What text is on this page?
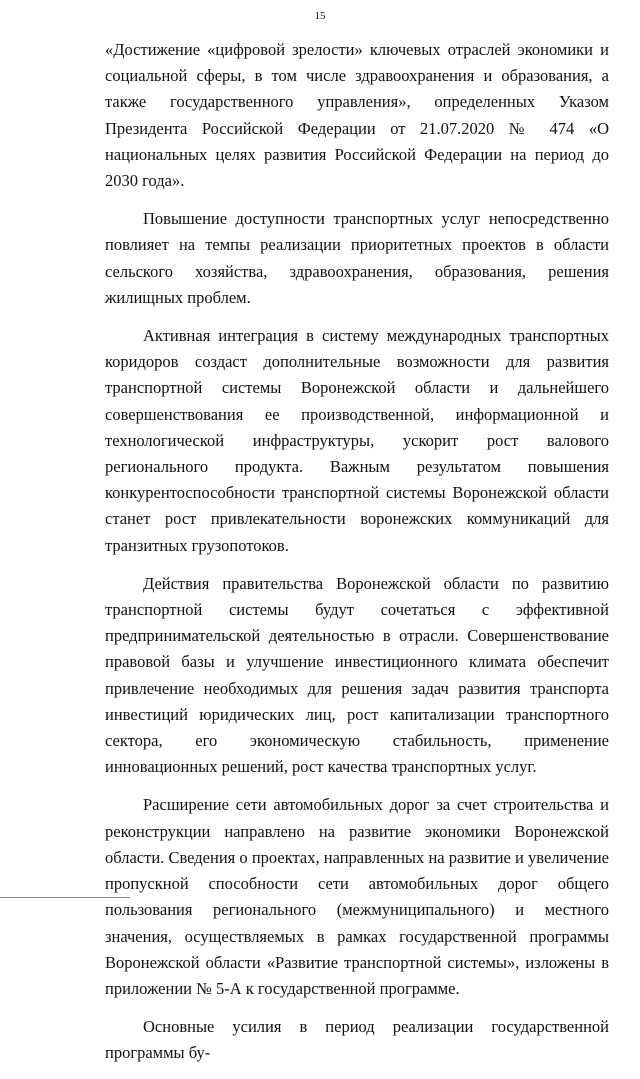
15

«Достижение «цифровой зрелости» ключевых отраслей экономики и социальной сферы, в том числе здравоохранения и образования, а также государственного управления», определенных Указом Президента Российской Федерации от 21.07.2020 № 474 «О национальных целях развития Российской Федерации на период до 2030 года».

Повышение доступности транспортных услуг непосредственно повлияет на темпы реализации приоритетных проектов в области сельского хозяйства, здравоохранения, образования, решения жилищных проблем.

Активная интеграция в систему международных транспортных коридоров создаст дополнительные возможности для развития транспортной системы Воронежской области и дальнейшего совершенствования ее производственной, информационной и технологической инфраструктуры, ускорит рост валового регионального продукта. Важным результатом повышения конкурентоспособности транспортной системы Воронежской области станет рост привлекательности воронежских коммуникаций для транзитных грузопотоков.

Действия правительства Воронежской области по развитию транспортной системы будут сочетаться с эффективной предпринимательской деятельностью в отрасли. Совершенствование правовой базы и улучшение инвестиционного климата обеспечит привлечение необходимых для решения задач развития транспорта инвестиций юридических лиц, рост капитализации транспортного сектора, его экономическую стабильность, применение инновационных решений, рост качества транспортных услуг.

Расширение сети автомобильных дорог за счет строительства и реконструкции направлено на развитие экономики Воронежской области. Сведения о проектах, направленных на развитие и увеличение пропускной способности сети автомобильных дорог общего пользования регионального (межмуниципального) и местного значения, осуществляемых в рамках государственной программы Воронежской области «Развитие транспортной системы», изложены в приложении № 5-А к государственной программе.

Основные усилия в период реализации государственной программы бу-
